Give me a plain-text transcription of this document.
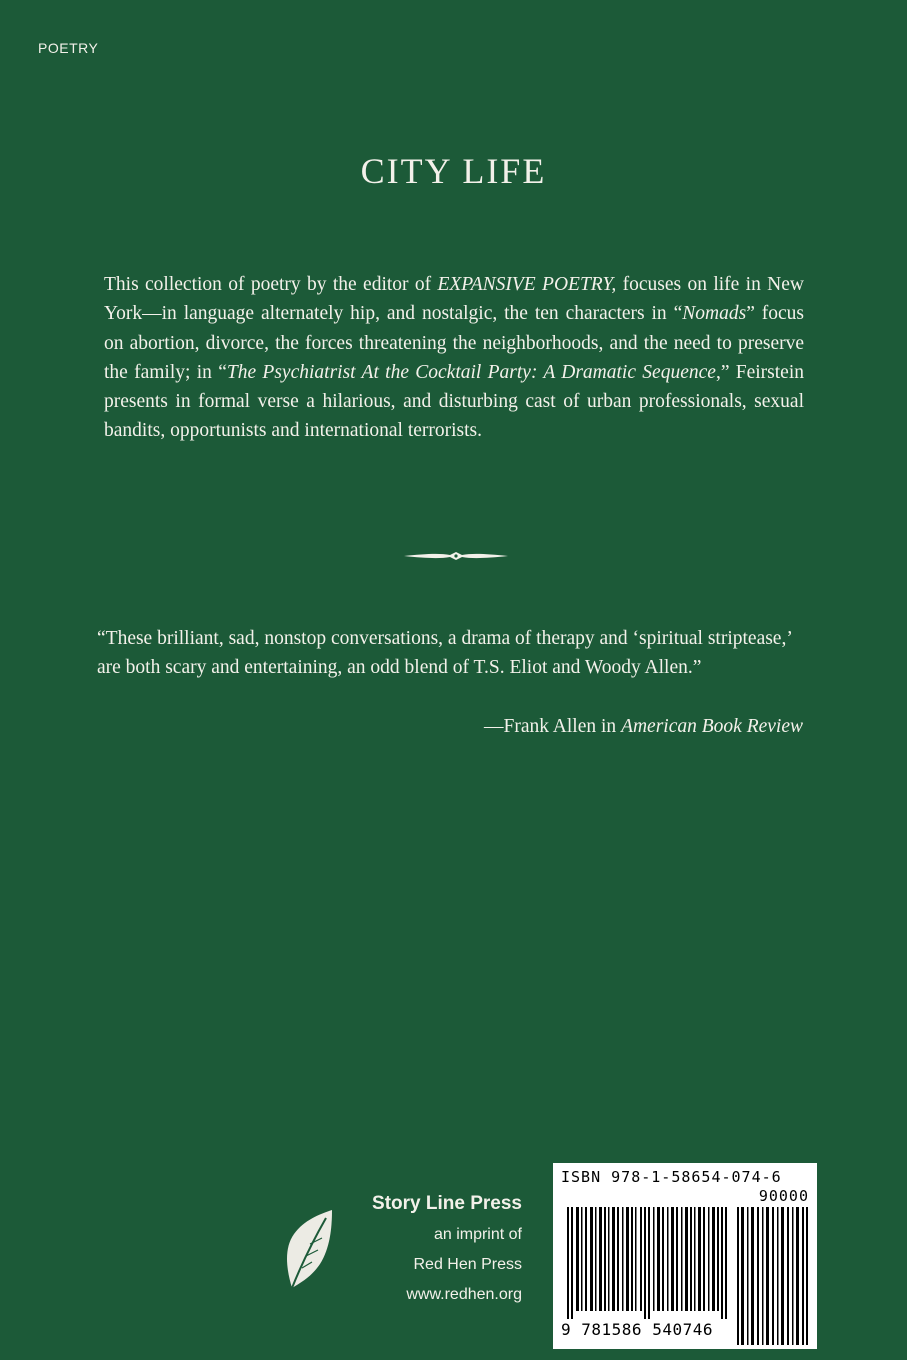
POETRY
CITY LIFE
This collection of poetry by the editor of EXPANSIVE POETRY, focuses on life in New York—in language alternately hip, and nostalgic, the ten characters in “Nomads” focus on abortion, divorce, the forces threatening the neighborhoods, and the need to preserve the family; in “The Psychiatrist At the Cocktail Party: A Dramatic Sequence,” Feirstein presents in formal verse a hilarious, and disturbing cast of urban professionals, sexual bandits, opportunists and international terrorists.
“These brilliant, sad, nonstop conversations, a drama of therapy and ‘spiritual striptease,’ are both scary and entertaining, an odd blend of T.S. Eliot and Woody Allen.”
—Frank Allen in American Book Review
Story Line Press
an imprint of
Red Hen Press
www.redhen.org
ISBN 978-1-58654-074-6
90000
9 781586 540746
